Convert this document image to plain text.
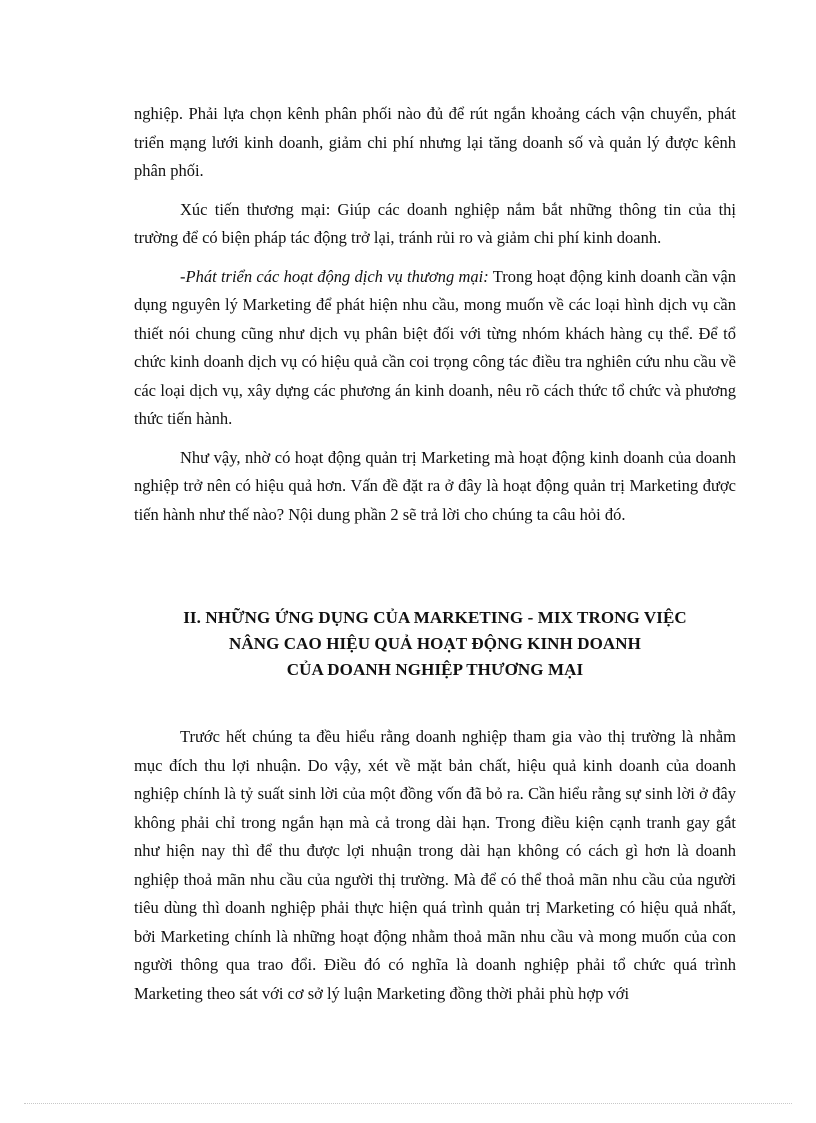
nghiệp. Phải lựa chọn kênh phân phối nào đủ để rút ngắn khoảng cách vận chuyển, phát triển mạng lưới kinh doanh, giảm chi phí nhưng lại tăng doanh số và quản lý được kênh phân phối.

Xúc tiến thương mại: Giúp các doanh nghiệp nắm bắt những thông tin của thị trường để có biện pháp tác động trở lại, tránh rủi ro và giảm chi phí kinh doanh.

-Phát triển các hoạt động dịch vụ thương mại: Trong hoạt động kinh doanh cần vận dụng nguyên lý Marketing để phát hiện nhu cầu, mong muốn về các loại hình dịch vụ cần thiết nói chung cũng như dịch vụ phân biệt đối với từng nhóm khách hàng cụ thể. Để tổ chức kinh doanh dịch vụ có hiệu quả cần coi trọng công tác điều tra nghiên cứu nhu cầu về các loại dịch vụ, xây dựng các phương án kinh doanh, nêu rõ cách thức tổ chức và phương thức tiến hành.

Như vậy, nhờ có hoạt động quản trị Marketing mà hoạt động kinh doanh của doanh nghiệp trở nên có hiệu quả hơn. Vấn đề đặt ra ở đây là hoạt động quản trị Marketing được tiến hành như thế nào? Nội dung phần 2 sẽ trả lời cho chúng ta câu hỏi đó.

II. NHỮNG ỨNG DỤNG CỦA MARKETING - MIX TRONG VIỆC
NÂNG CAO HIỆU QUẢ HOẠT ĐỘNG KINH DOANH
CỦA DOANH NGHIỆP THƯƠNG MẠI

Trước hết chúng ta đều hiểu rằng doanh nghiệp tham gia vào thị trường là nhằm mục đích thu lợi nhuận. Do vậy, xét về mặt bản chất, hiệu quả kinh doanh của doanh nghiệp chính là tỷ suất sinh lời của một đồng vốn đã bỏ ra. Cần hiểu rằng sự sinh lời ở đây không phải chỉ trong ngắn hạn mà cả trong dài hạn. Trong điều kiện cạnh tranh gay gắt như hiện nay thì để thu được lợi nhuận trong dài hạn không có cách gì hơn là doanh nghiệp thoả mãn nhu cầu của người thị trường. Mà để có thể thoả mãn nhu cầu của người tiêu dùng thì doanh nghiệp phải thực hiện quá trình quản trị Marketing có hiệu quả nhất, bởi Marketing chính là những hoạt động nhằm thoả mãn nhu cầu và mong muốn của con người thông qua trao đổi. Điều đó có nghĩa là doanh nghiệp phải tổ chức quá trình Marketing theo sát với cơ sở lý luận Marketing đồng thời phải phù hợp với
